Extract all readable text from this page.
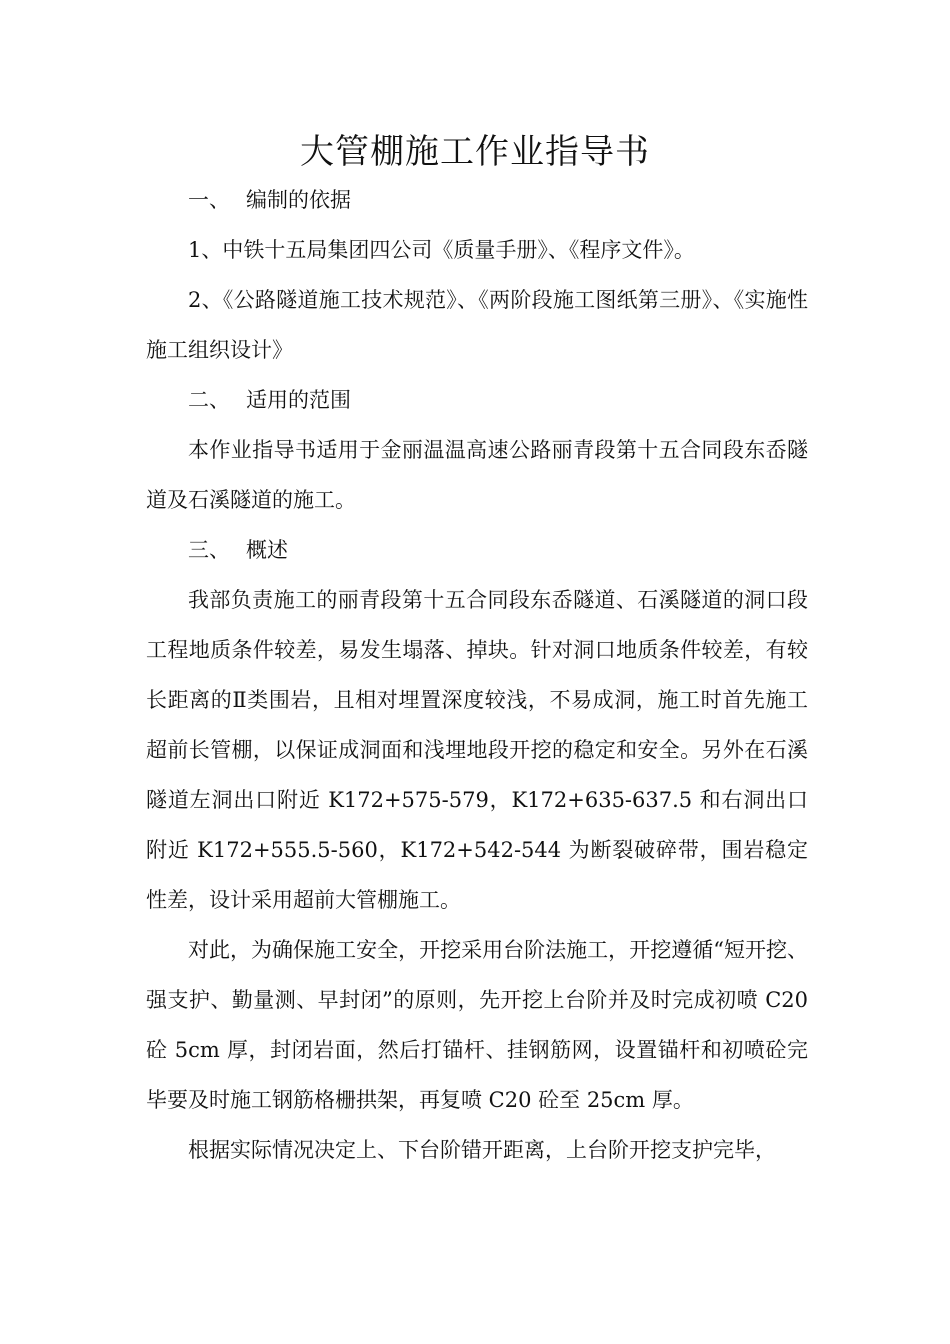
大管棚施工作业指导书

一、 编制的依据

1、中铁十五局集团四公司《质量手册》、《程序文件》。

2、《公路隧道施工技术规范》、《两阶段施工图纸第三册》、《实施性施工组织设计》

二、 适用的范围

本作业指导书适用于金丽温温高速公路丽青段第十五合同段东岙隧道及石溪隧道的施工。

三、 概述

我部负责施工的丽青段第十五合同段东岙隧道、石溪隧道的洞口段工程地质条件较差，易发生塌落、掉块。针对洞口地质条件较差，有较长距离的Ⅱ类围岩，且相对埋置深度较浅，不易成洞，施工时首先施工超前长管棚，以保证成洞面和浅埋地段开挖的稳定和安全。另外在石溪隧道左洞出口附近 K172+575-579，K172+635-637.5 和右洞出口附近 K172+555.5-560，K172+542-544 为断裂破碎带，围岩稳定性差，设计采用超前大管棚施工。

对此，为确保施工安全，开挖采用台阶法施工，开挖遵循“短开挖、强支护、勤量测、早封闭”的原则，先开挖上台阶并及时完成初喷 C20 砼 5cm 厚，封闭岩面，然后打锚杆、挂钢筋网，设置锚杆和初喷砼完毕要及时施工钢筋格栅拱架，再复喷 C20 砼至 25cm 厚。

根据实际情况决定上、下台阶错开距离，上台阶开挖支护完毕，
